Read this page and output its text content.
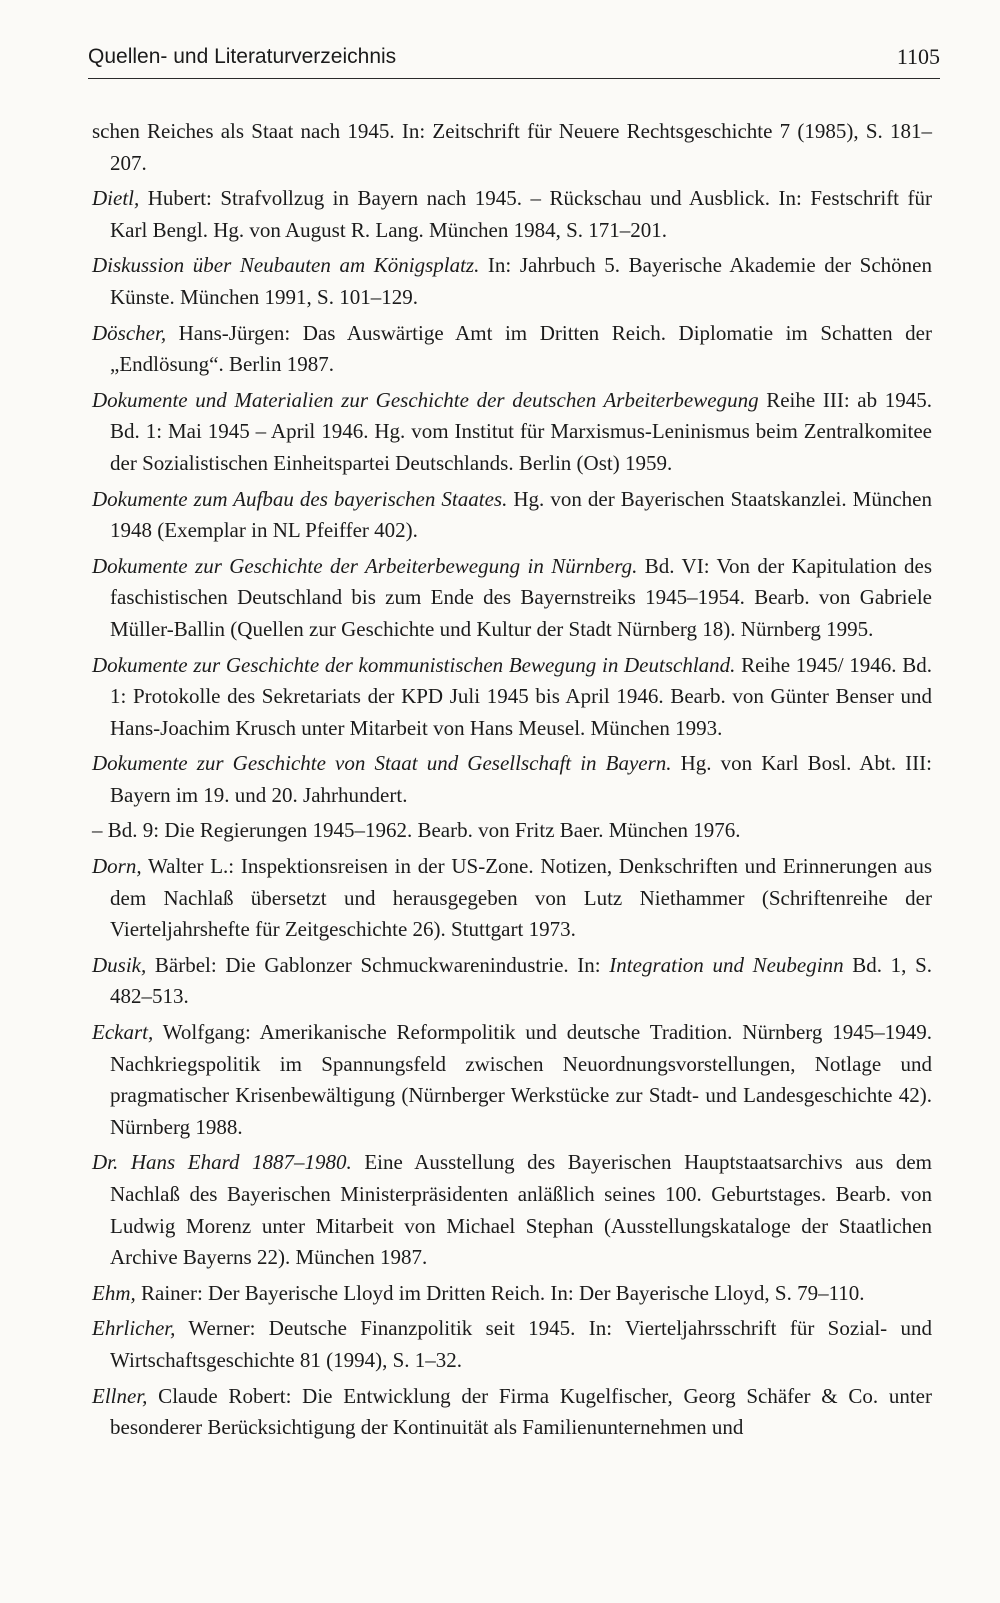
Quellen- und Literaturverzeichnis	1105

schen Reiches als Staat nach 1945. In: Zeitschrift für Neuere Rechtsgeschichte 7 (1985), S. 181–207.

Dietl, Hubert: Strafvollzug in Bayern nach 1945. – Rückschau und Ausblick. In: Festschrift für Karl Bengl. Hg. von August R. Lang. München 1984, S. 171–201.

Diskussion über Neubauten am Königsplatz. In: Jahrbuch 5. Bayerische Akademie der Schönen Künste. München 1991, S. 101–129.

Döscher, Hans-Jürgen: Das Auswärtige Amt im Dritten Reich. Diplomatie im Schatten der „Endlösung“. Berlin 1987.

Dokumente und Materialien zur Geschichte der deutschen Arbeiterbewegung Reihe III: ab 1945. Bd. 1: Mai 1945 – April 1946. Hg. vom Institut für Marxismus-Leninismus beim Zentralkomitee der Sozialistischen Einheitspartei Deutschlands. Berlin (Ost) 1959.

Dokumente zum Aufbau des bayerischen Staates. Hg. von der Bayerischen Staatskanzlei. München 1948 (Exemplar in NL Pfeiffer 402).

Dokumente zur Geschichte der Arbeiterbewegung in Nürnberg. Bd. VI: Von der Kapitulation des faschistischen Deutschland bis zum Ende des Bayernstreiks 1945–1954. Bearb. von Gabriele Müller-Ballin (Quellen zur Geschichte und Kultur der Stadt Nürnberg 18). Nürnberg 1995.

Dokumente zur Geschichte der kommunistischen Bewegung in Deutschland. Reihe 1945/ 1946. Bd. 1: Protokolle des Sekretariats der KPD Juli 1945 bis April 1946. Bearb. von Günter Benser und Hans-Joachim Krusch unter Mitarbeit von Hans Meusel. München 1993.

Dokumente zur Geschichte von Staat und Gesellschaft in Bayern. Hg. von Karl Bosl. Abt. III: Bayern im 19. und 20. Jahrhundert.

– Bd. 9: Die Regierungen 1945–1962. Bearb. von Fritz Baer. München 1976.

Dorn, Walter L.: Inspektionsreisen in der US-Zone. Notizen, Denkschriften und Erinnerungen aus dem Nachlaß übersetzt und herausgegeben von Lutz Niethammer (Schriftenreihe der Vierteljahrshefte für Zeitgeschichte 26). Stuttgart 1973.

Dusik, Bärbel: Die Gablonzer Schmuckwarenindustrie. In: Integration und Neubeginn Bd. 1, S. 482–513.

Eckart, Wolfgang: Amerikanische Reformpolitik und deutsche Tradition. Nürnberg 1945–1949. Nachkriegspolitik im Spannungsfeld zwischen Neuordnungsvorstellungen, Notlage und pragmatischer Krisenbewältigung (Nürnberger Werkstücke zur Stadt- und Landesgeschichte 42). Nürnberg 1988.

Dr. Hans Ehard 1887–1980. Eine Ausstellung des Bayerischen Hauptstaatsarchivs aus dem Nachlaß des Bayerischen Ministerpräsidenten anläßlich seines 100. Geburtstages. Bearb. von Ludwig Morenz unter Mitarbeit von Michael Stephan (Ausstellungskataloge der Staatlichen Archive Bayerns 22). München 1987.

Ehm, Rainer: Der Bayerische Lloyd im Dritten Reich. In: Der Bayerische Lloyd, S. 79–110.

Ehrlicher, Werner: Deutsche Finanzpolitik seit 1945. In: Vierteljahrsschrift für Sozial- und Wirtschaftsgeschichte 81 (1994), S. 1–32.

Ellner, Claude Robert: Die Entwicklung der Firma Kugelfischer, Georg Schäfer & Co. unter besonderer Berücksichtigung der Kontinuität als Familienunternehmen und
